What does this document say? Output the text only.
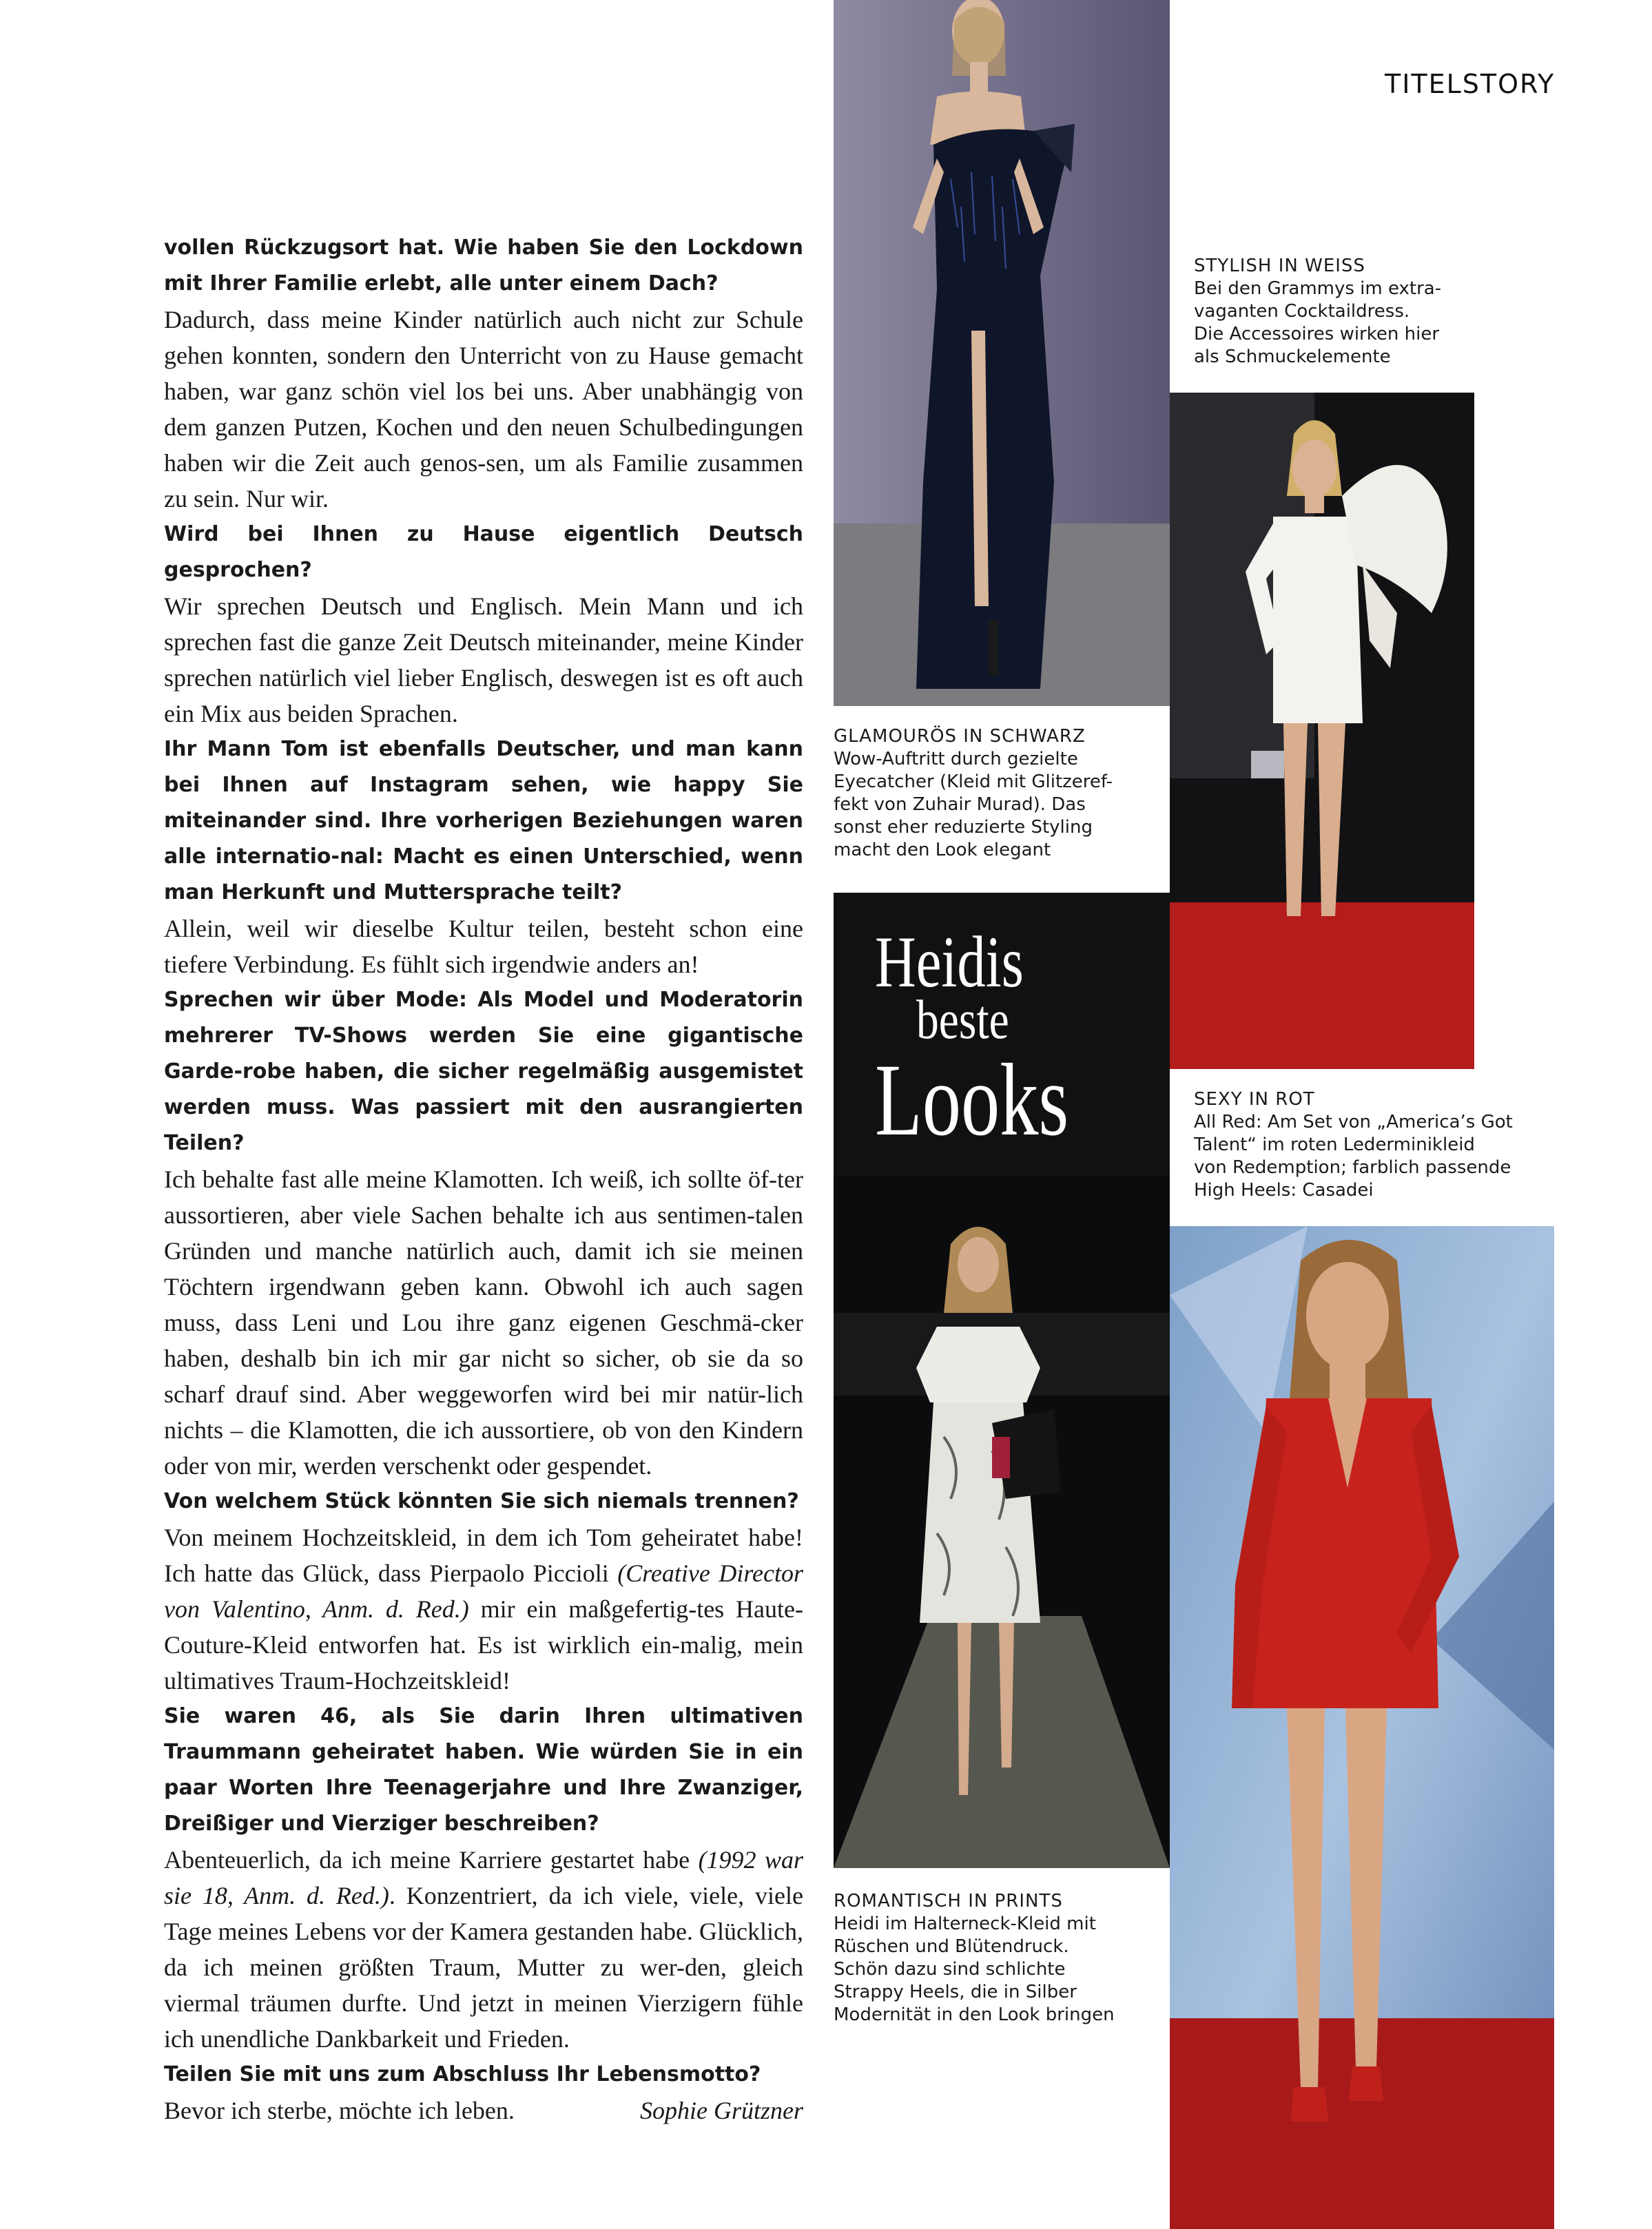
TITELSTORY

vollen Rückzugsort hat. Wie haben Sie den Lockdown mit Ihrer Familie erlebt, alle unter einem Dach?

Dadurch, dass meine Kinder natürlich auch nicht zur Schule gehen konnten, sondern den Unterricht von zu Hause gemacht haben, war ganz schön viel los bei uns. Aber unabhängig von dem ganzen Putzen, Kochen und den neuen Schulbedingungen haben wir die Zeit auch genos-sen, um als Familie zusammen zu sein. Nur wir.

Wird bei Ihnen zu Hause eigentlich Deutsch gesprochen?

Wir sprechen Deutsch und Englisch. Mein Mann und ich sprechen fast die ganze Zeit Deutsch miteinander, meine Kinder sprechen natürlich viel lieber Englisch, deswegen ist es oft auch ein Mix aus beiden Sprachen.

Ihr Mann Tom ist ebenfalls Deutscher, und man kann bei Ihnen auf Instagram sehen, wie happy Sie miteinander sind. Ihre vorherigen Beziehungen waren alle internatio-nal: Macht es einen Unterschied, wenn man Herkunft und Muttersprache teilt?

Allein, weil wir dieselbe Kultur teilen, besteht schon eine tiefere Verbindung. Es fühlt sich irgendwie anders an!

Sprechen wir über Mode: Als Model und Moderatorin mehrerer TV-Shows werden Sie eine gigantische Garde-robe haben, die sicher regelmäßig ausgemistet werden muss. Was passiert mit den ausrangierten Teilen?

Ich behalte fast alle meine Klamotten. Ich weiß, ich sollte öf-ter aussortieren, aber viele Sachen behalte ich aus sentimen-talen Gründen und manche natürlich auch, damit ich sie meinen Töchtern irgendwann geben kann. Obwohl ich auch sagen muss, dass Leni und Lou ihre ganz eigenen Geschmä-cker haben, deshalb bin ich mir gar nicht so sicher, ob sie da so scharf drauf sind. Aber weggeworfen wird bei mir natür-lich nichts – die Klamotten, die ich aussortiere, ob von den Kindern oder von mir, werden verschenkt oder gespendet.

Von welchem Stück könnten Sie sich niemals trennen?

Von meinem Hochzeitskleid, in dem ich Tom geheiratet habe! Ich hatte das Glück, dass Pierpaolo Piccioli (Creative Director von Valentino, Anm. d. Red.) mir ein maßgefertig-tes Haute-Couture-Kleid entworfen hat. Es ist wirklich ein-malig, mein ultimatives Traum-Hochzeitskleid!

Sie waren 46, als Sie darin Ihren ultimativen Traummann geheiratet haben. Wie würden Sie in ein paar Worten Ihre Teenagerjahre und Ihre Zwanziger, Dreißiger und Vierziger beschreiben?

Abenteuerlich, da ich meine Karriere gestartet habe (1992 war sie 18, Anm. d. Red.). Konzentriert, da ich viele, viele, viele Tage meines Lebens vor der Kamera gestanden habe. Glücklich, da ich meinen größten Traum, Mutter zu wer-den, gleich viermal träumen durfte. Und jetzt in meinen Vierzigern fühle ich unendliche Dankbarkeit und Frieden.

Teilen Sie mit uns zum Abschluss Ihr Lebensmotto?

Bevor ich sterbe, möchte ich leben.	Sophie Grützner

GLAMOURÖS IN SCHWARZ
Wow-Auftritt durch gezielte
Eyecatcher (Kleid mit Glitzeref-
fekt von Zuhair Murad). Das
sonst eher reduzierte Styling
macht den Look elegant
STYLISH IN WEISS
Bei den Grammys im extra-
vaganten Cocktaildress.
Die Accessoires wirken hier
als Schmuckelemente
Heidis
beste
Looks
ROMANTISCH IN PRINTS
Heidi im Halterneck-Kleid mit
Rüschen und Blütendruck.
Schön dazu sind schlichte
Strappy Heels, die in Silber
Modernität in den Look bringen
SEXY IN ROT
All Red: Am Set von „America’s Got
Talent“ im roten Lederminikleid
von Redemption; farblich passende
High Heels: Casadei
